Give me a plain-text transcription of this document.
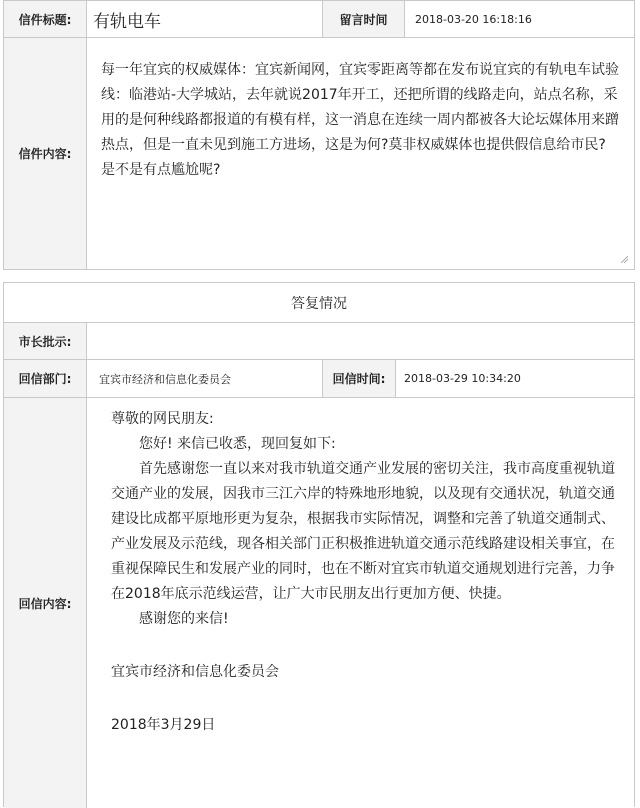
信件标题:	有轨电车	留言时间	2018-03-20 16:18:16
信件内容:

每一年宜宾的权威媒体：宜宾新闻网，宜宾零距离等都在发布说宜宾的有轨电车试验线：临港站-大学城站，去年就说2017年开工，还把所谓的线路走向，站点名称，采用的是何种线路都报道的有模有样，这一消息在连续一周内都被各大论坛媒体用来蹭热点，但是一直未见到施工方进场，这是为何?莫非权威媒体也提供假信息给市民? 是不是有点尴尬呢?

答复情况
市长批示:
回信部门:	宜宾市经济和信息化委员会	回信时间:	2018-03-29 10:34:20
回信内容:

尊敬的网民朋友:

您好! 来信已收悉，现回复如下:

首先感谢您一直以来对我市轨道交通产业发展的密切关注，我市高度重视轨道交通产业的发展，因我市三江六岸的特殊地形地貌，以及现有交通状况，轨道交通建设比成都平原地形更为复杂，根据我市实际情况，调整和完善了轨道交通制式、产业发展及示范线，现各相关部门正积极推进轨道交通示范线路建设相关事宜，在重视保障民生和发展产业的同时，也在不断对宜宾市轨道交通规划进行完善，力争在2018年底示范线运营，让广大市民朋友出行更加方便、快捷。

感谢您的来信!

宜宾市经济和信息化委员会

2018年3月29日
